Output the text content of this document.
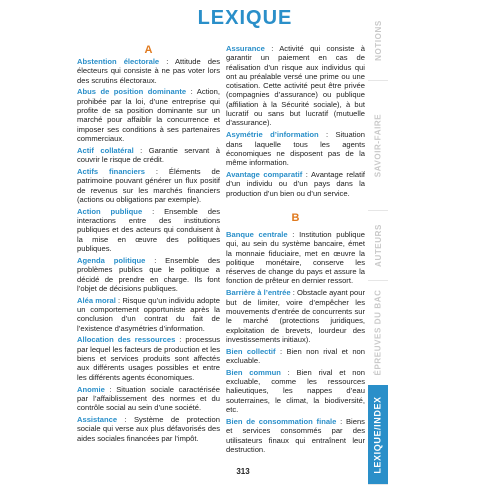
LEXIQUE
A

Abstention électorale : Attitude des électeurs qui consiste à ne pas voter lors des scrutins électoraux.

Abus de position dominante : Action, prohibée par la loi, d’une entreprise qui profite de sa position dominante sur un marché pour affaiblir la concurrence et imposer ses conditions à ses partenaires commerciaux.

Actif collatéral : Garantie servant à couvrir le risque de crédit.

Actifs financiers : Éléments de patrimoine pouvant générer un flux positif de revenus sur les marchés financiers (actions ou obligations par exemple).

Action publique : Ensemble des interactions entre des institutions publiques et des acteurs qui conduisent à la mise en œuvre des politiques publiques.

Agenda politique : Ensemble des problèmes publics que le politique a décidé de prendre en charge. Ils font l’objet de décisions publiques.

Aléa moral : Risque qu’un individu adopte un comportement opportuniste après la conclusion d’un contrat du fait de l’existence d’asymétries d’information.

Allocation des ressources : processus par lequel les facteurs de production et les biens et services produits sont affectés aux différents usages possibles et entre les différents agents économiques.

Anomie : Situation sociale caractérisée par l’affaiblissement des normes et du contrôle social au sein d’une société.

Assistance : Système de protection sociale qui verse aux plus défavorisés des aides sociales financées par l’impôt.

Assurance : Activité qui consiste à garantir un paiement en cas de réalisation d’un risque aux individus qui ont au préalable versé une prime ou une cotisation. Cette activité peut être privée (compagnies d’assurance) ou publique (affiliation à la Sécurité sociale), à but lucratif ou sans but lucratif (mutuelle d’assurance).

Asymétrie d’information : Situation dans laquelle tous les agents économiques ne disposent pas de la même information.

Avantage comparatif : Avantage relatif d’un individu ou d’un pays dans la production d’un bien ou d’un service.

B

Banque centrale : Institution publique qui, au sein du système bancaire, émet la monnaie fiduciaire, met en œuvre la politique monétaire, conserve les réserves de change du pays et assure la fonction de prêteur en dernier ressort.

Barrière à l’entrée : Obstacle ayant pour but de limiter, voire d’empêcher les mouvements d’entrée de concurrents sur le marché (protections juridiques, exploitation de brevets, lourdeur des investissements initiaux).

Bien collectif : Bien non rival et non excluable.

Bien commun : Bien rival et non excluable, comme les ressources halieutiques, les nappes d’eau souterraines, le climat, la biodiversité, etc.

Bien de consommation finale : Biens et services consommés par des utilisateurs finaux qui entraînent leur destruction.

313
NOTIONS
SAVOIR-FAIRE
AUTEURS
ÉPREUVES DU BAC
LEXIQUE/INDEX
